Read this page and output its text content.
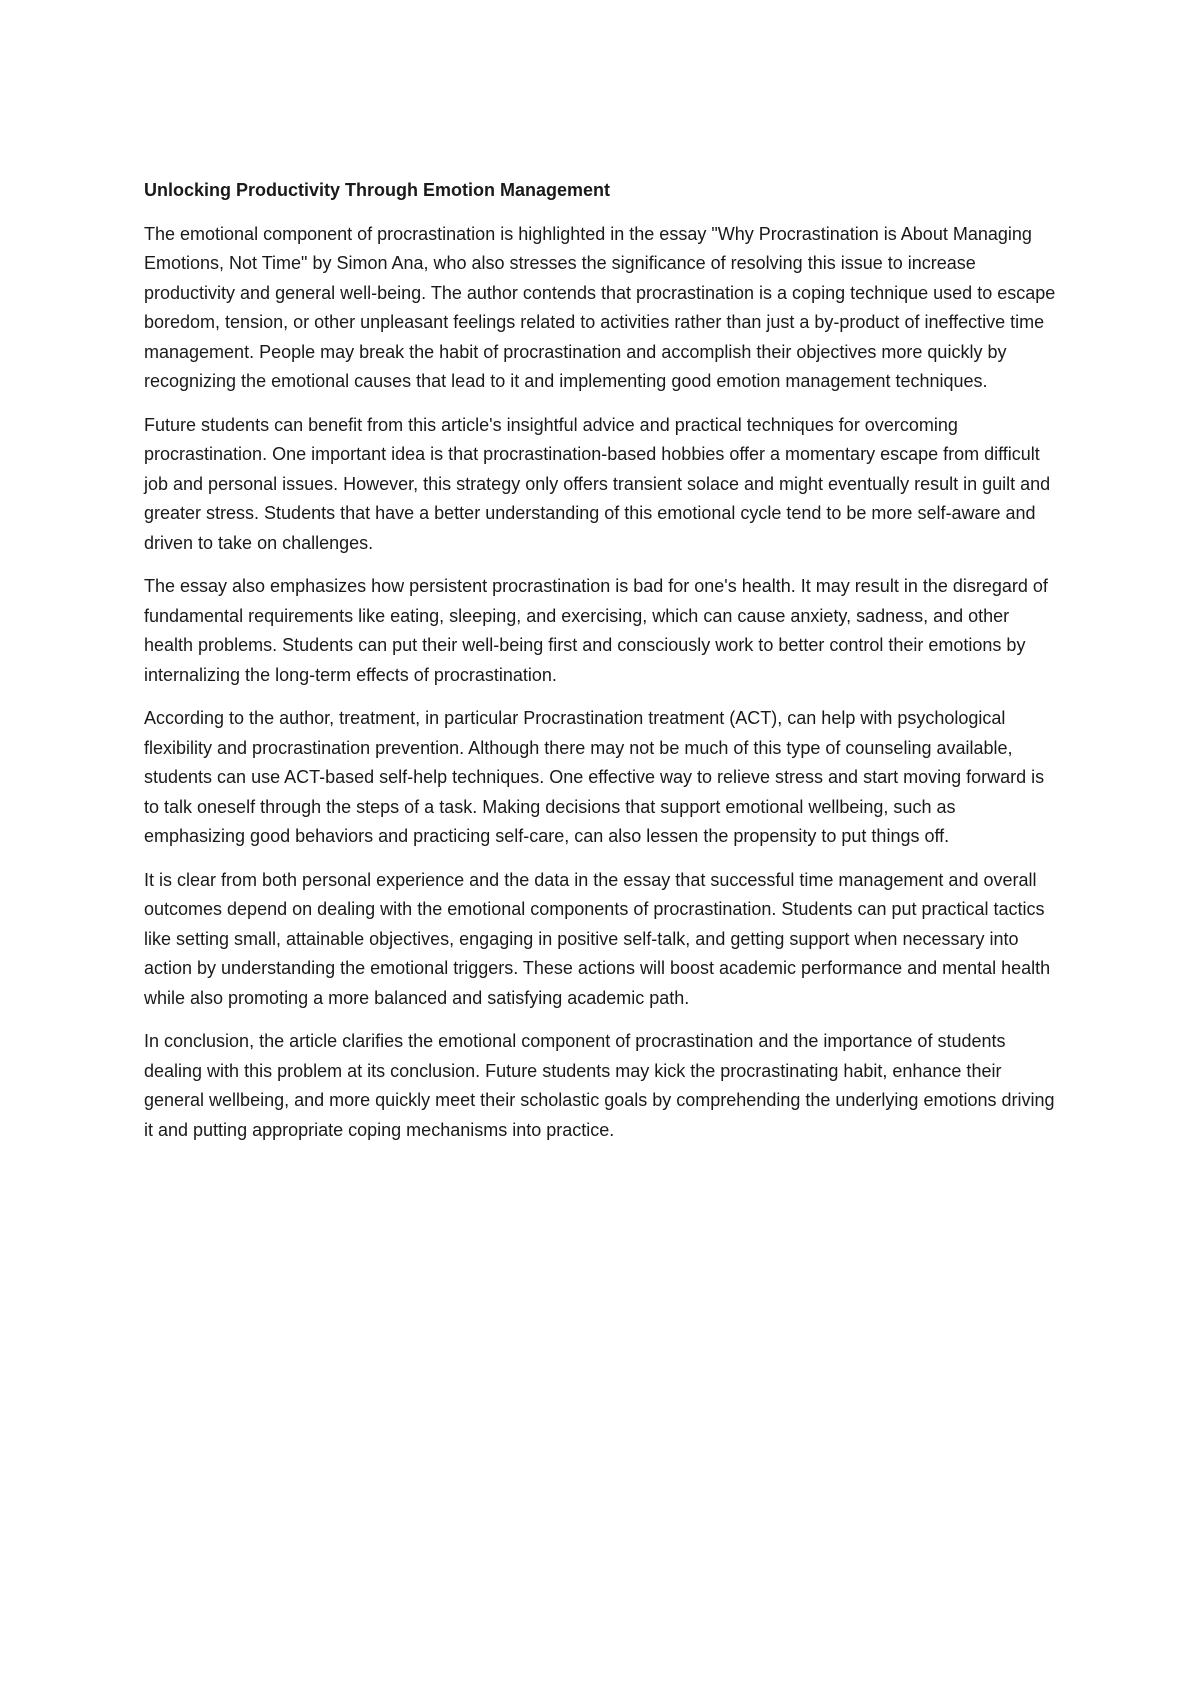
Unlocking Productivity Through Emotion Management

The emotional component of procrastination is highlighted in the essay "Why Procrastination is About Managing Emotions, Not Time" by Simon Ana, who also stresses the significance of resolving this issue to increase productivity and general well-being. The author contends that procrastination is a coping technique used to escape boredom, tension, or other unpleasant feelings related to activities rather than just a by-product of ineffective time management. People may break the habit of procrastination and accomplish their objectives more quickly by recognizing the emotional causes that lead to it and implementing good emotion management techniques.

Future students can benefit from this article's insightful advice and practical techniques for overcoming procrastination. One important idea is that procrastination-based hobbies offer a momentary escape from difficult job and personal issues. However, this strategy only offers transient solace and might eventually result in guilt and greater stress. Students that have a better understanding of this emotional cycle tend to be more self-aware and driven to take on challenges.

The essay also emphasizes how persistent procrastination is bad for one's health. It may result in the disregard of fundamental requirements like eating, sleeping, and exercising, which can cause anxiety, sadness, and other health problems. Students can put their well-being first and consciously work to better control their emotions by internalizing the long-term effects of procrastination.

According to the author, treatment, in particular Procrastination treatment (ACT), can help with psychological flexibility and procrastination prevention. Although there may not be much of this type of counseling available, students can use ACT-based self-help techniques. One effective way to relieve stress and start moving forward is to talk oneself through the steps of a task. Making decisions that support emotional wellbeing, such as emphasizing good behaviors and practicing self-care, can also lessen the propensity to put things off.

It is clear from both personal experience and the data in the essay that successful time management and overall outcomes depend on dealing with the emotional components of procrastination. Students can put practical tactics like setting small, attainable objectives, engaging in positive self-talk, and getting support when necessary into action by understanding the emotional triggers. These actions will boost academic performance and mental health while also promoting a more balanced and satisfying academic path.

In conclusion, the article clarifies the emotional component of procrastination and the importance of students dealing with this problem at its conclusion. Future students may kick the procrastinating habit, enhance their general wellbeing, and more quickly meet their scholastic goals by comprehending the underlying emotions driving it and putting appropriate coping mechanisms into practice.
